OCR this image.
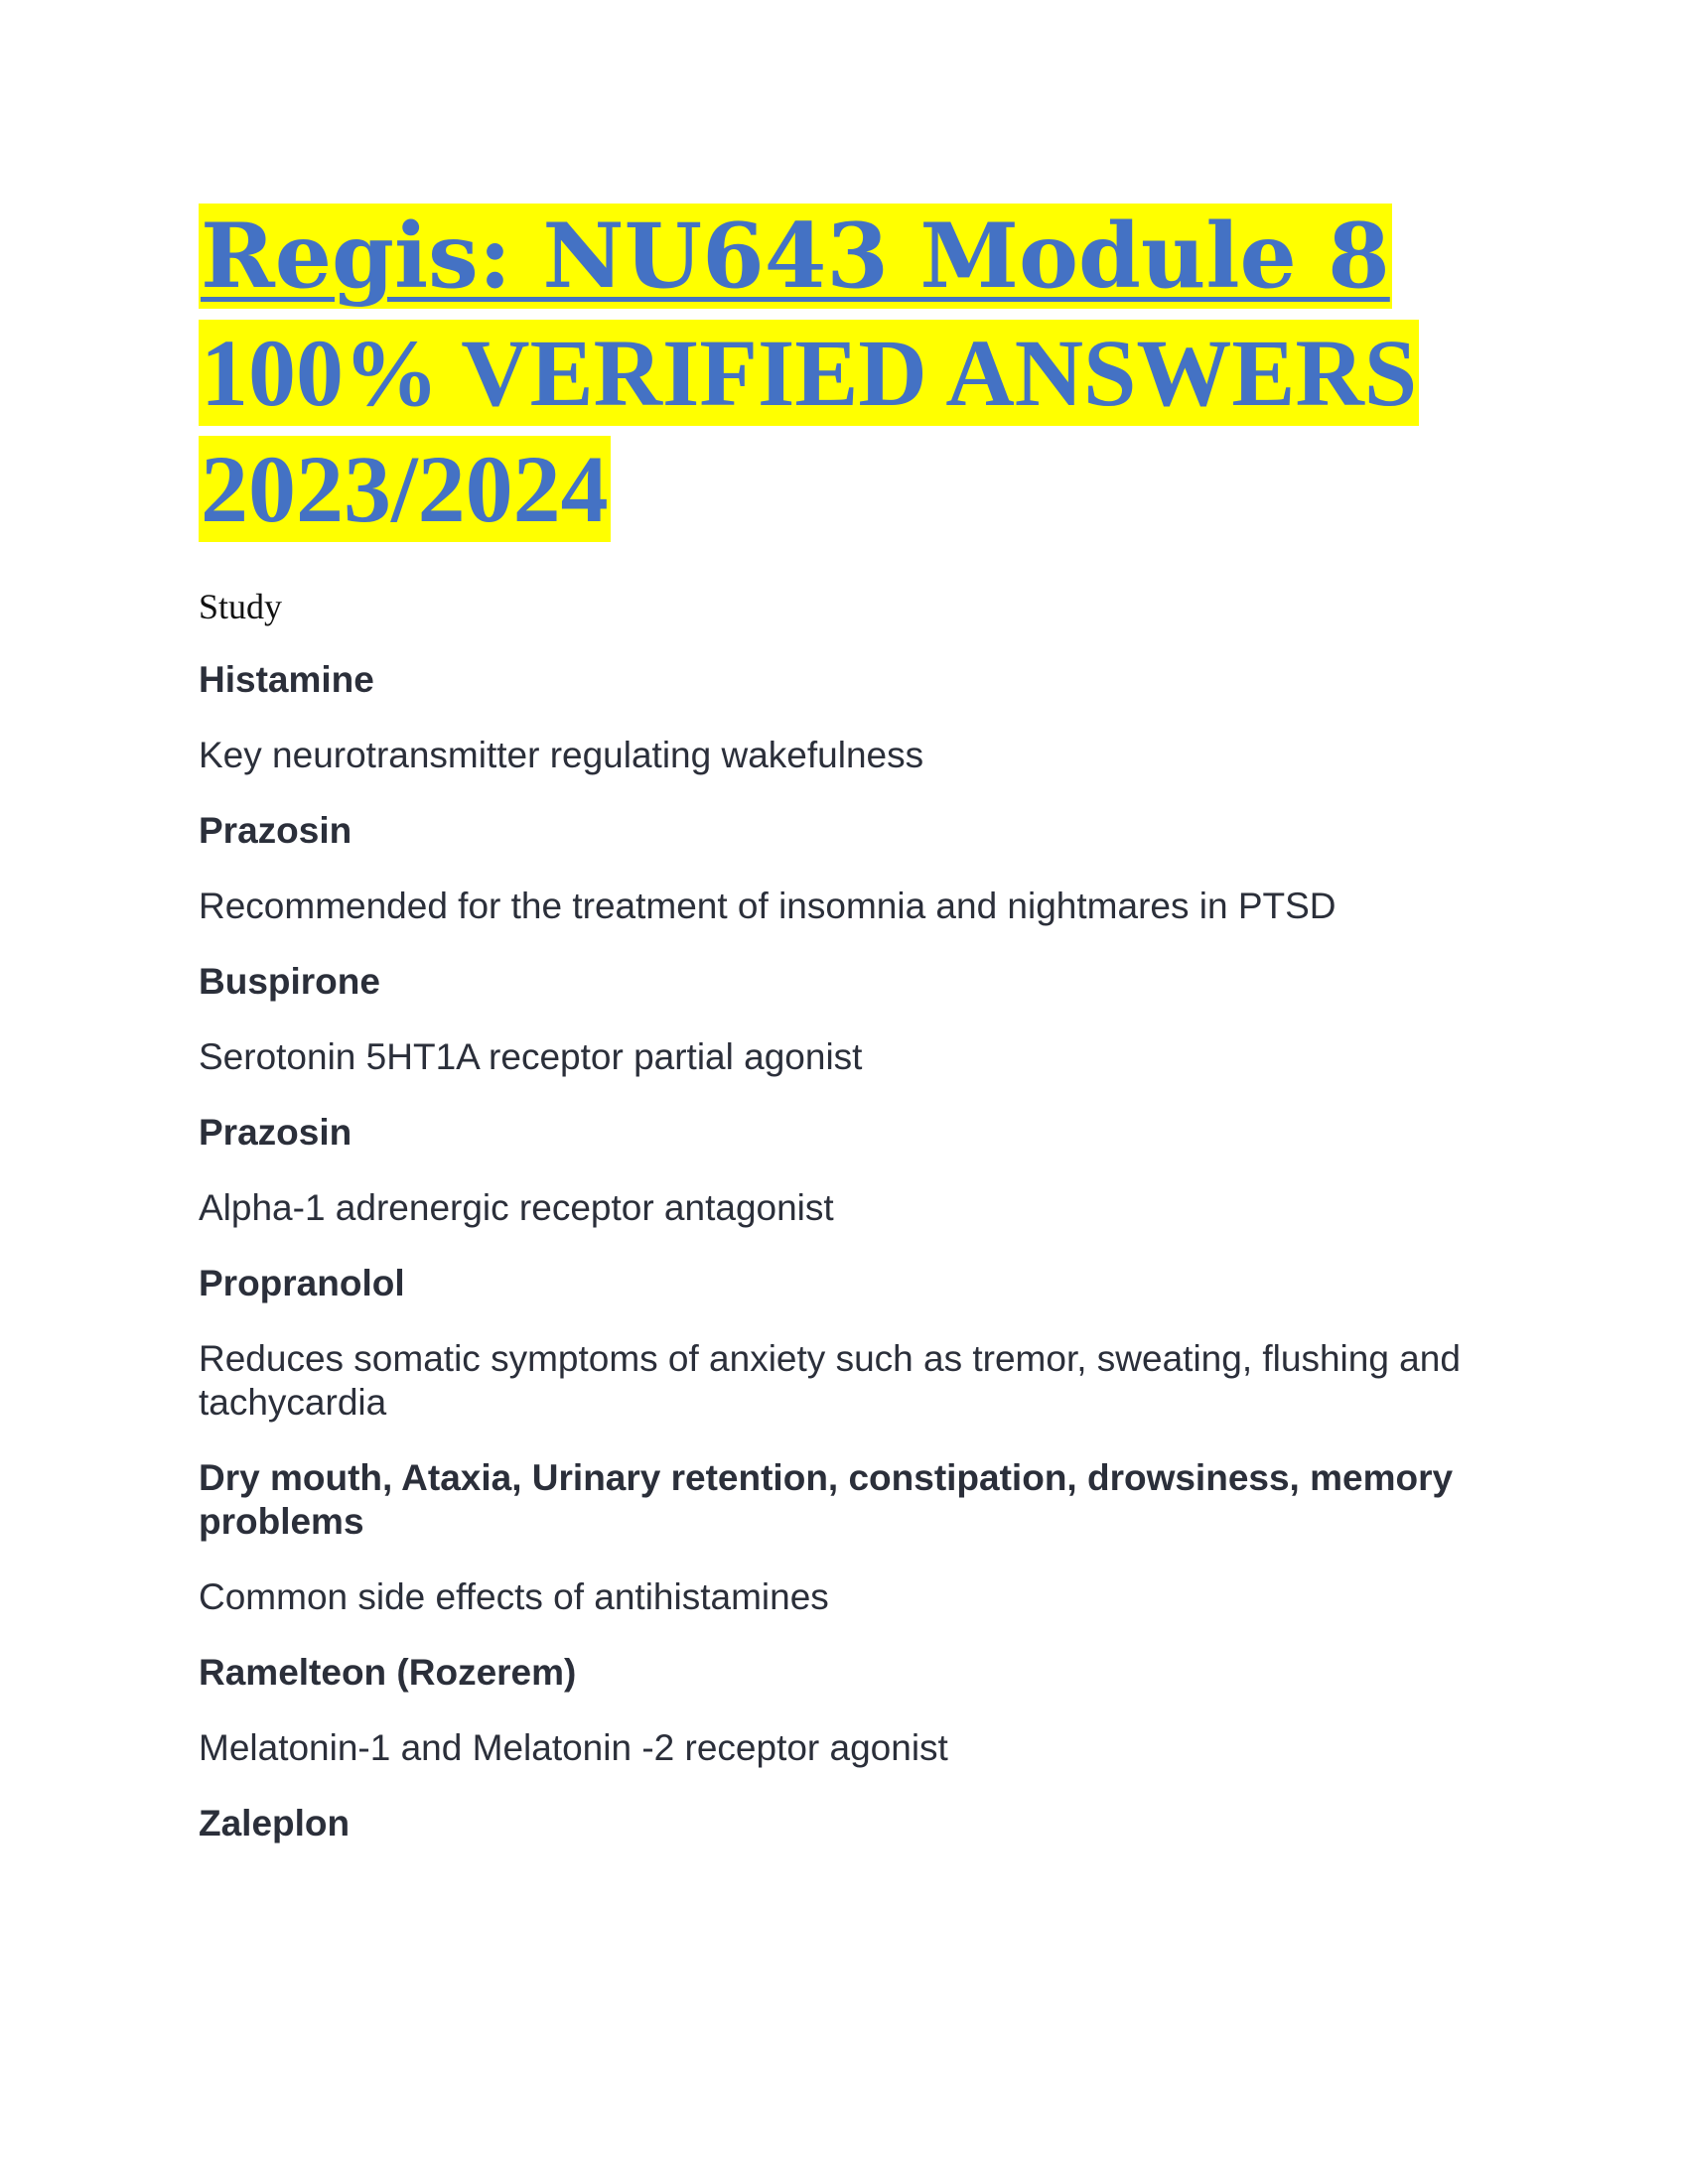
Regis: NU643 Module 8
100% VERIFIED ANSWERS
2023/2024

Study

Histamine

Key neurotransmitter regulating wakefulness

Prazosin

Recommended for the treatment of insomnia and nightmares in PTSD

Buspirone

Serotonin 5HT1A receptor partial agonist

Prazosin

Alpha-1 adrenergic receptor antagonist

Propranolol

Reduces somatic symptoms of anxiety such as tremor, sweating, flushing and tachycardia

Dry mouth, Ataxia, Urinary retention, constipation, drowsiness, memory problems

Common side effects of antihistamines

Ramelteon (Rozerem)

Melatonin-1 and Melatonin -2 receptor agonist

Zaleplon
